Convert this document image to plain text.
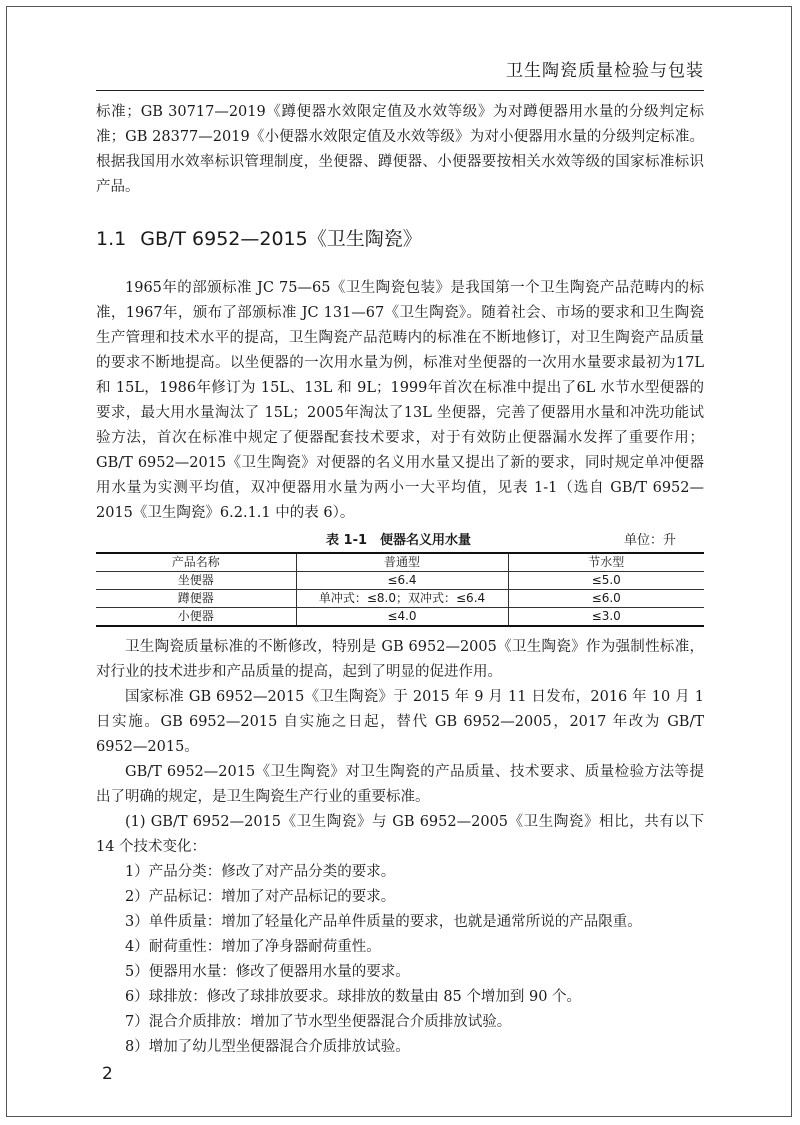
卫生陶瓷质量检验与包装

标准；GB 30717—2019《蹲便器水效限定值及水效等级》为对蹲便器用水量的分级判定标准；GB 28377—2019《小便器水效限定值及水效等级》为对小便器用水量的分级判定标准。根据我国用水效率标识管理制度，坐便器、蹲便器、小便器要按相关水效等级的国家标准标识产品。

1.1 GB/T 6952—2015《卫生陶瓷》

1965年的部颁标准 JC 75—65《卫生陶瓷包装》是我国第一个卫生陶瓷产品范畴内的标准，1967年，颁布了部颁标准 JC 131—67《卫生陶瓷》。随着社会、市场的要求和卫生陶瓷生产管理和技术水平的提高，卫生陶瓷产品范畴内的标准在不断地修订，对卫生陶瓷产品质量的要求不断地提高。以坐便器的一次用水量为例，标准对坐便器的一次用水量要求最初为17L 和 15L，1986年修订为 15L、13L 和 9L；1999年首次在标准中提出了6L 水节水型便器的要求，最大用水量淘汰了 15L；2005年淘汰了13L 坐便器，完善了便器用水量和冲洗功能试验方法，首次在标准中规定了便器配套技术要求，对于有效防止便器漏水发挥了重要作用；GB/T 6952—2015《卫生陶瓷》对便器的名义用水量又提出了新的要求，同时规定单冲便器用水量为实测平均值，双冲便器用水量为两小一大平均值，见表 1-1（选自 GB/T 6952—2015《卫生陶瓷》6.2.1.1 中的表 6）。

表 1-1　便器名义用水量	单位：升
产品名称	普通型	节水型
坐便器	≤6.4	≤5.0
蹲便器	单冲式：≤8.0；双冲式：≤6.4	≤6.0
小便器	≤4.0	≤3.0

卫生陶瓷质量标准的不断修改，特别是 GB 6952—2005《卫生陶瓷》作为强制性标准，对行业的技术进步和产品质量的提高，起到了明显的促进作用。

国家标准 GB 6952—2015《卫生陶瓷》于 2015 年 9 月 11 日发布，2016 年 10 月 1 日实施。GB 6952—2015 自实施之日起，替代 GB 6952—2005，2017 年改为 GB/T 6952—2015。

GB/T 6952—2015《卫生陶瓷》对卫生陶瓷的产品质量、技术要求、质量检验方法等提出了明确的规定，是卫生陶瓷生产行业的重要标准。

(1) GB/T 6952—2015《卫生陶瓷》与 GB 6952—2005《卫生陶瓷》相比，共有以下 14 个技术变化：

1）产品分类：修改了对产品分类的要求。

2）产品标记：增加了对产品标记的要求。

3）单件质量：增加了轻量化产品单件质量的要求，也就是通常所说的产品限重。

4）耐荷重性：增加了净身器耐荷重性。

5）便器用水量：修改了便器用水量的要求。

6）球排放：修改了球排放要求。球排放的数量由 85 个增加到 90 个。

7）混合介质排放：增加了节水型坐便器混合介质排放试验。

8）增加了幼儿型坐便器混合介质排放试验。

2
